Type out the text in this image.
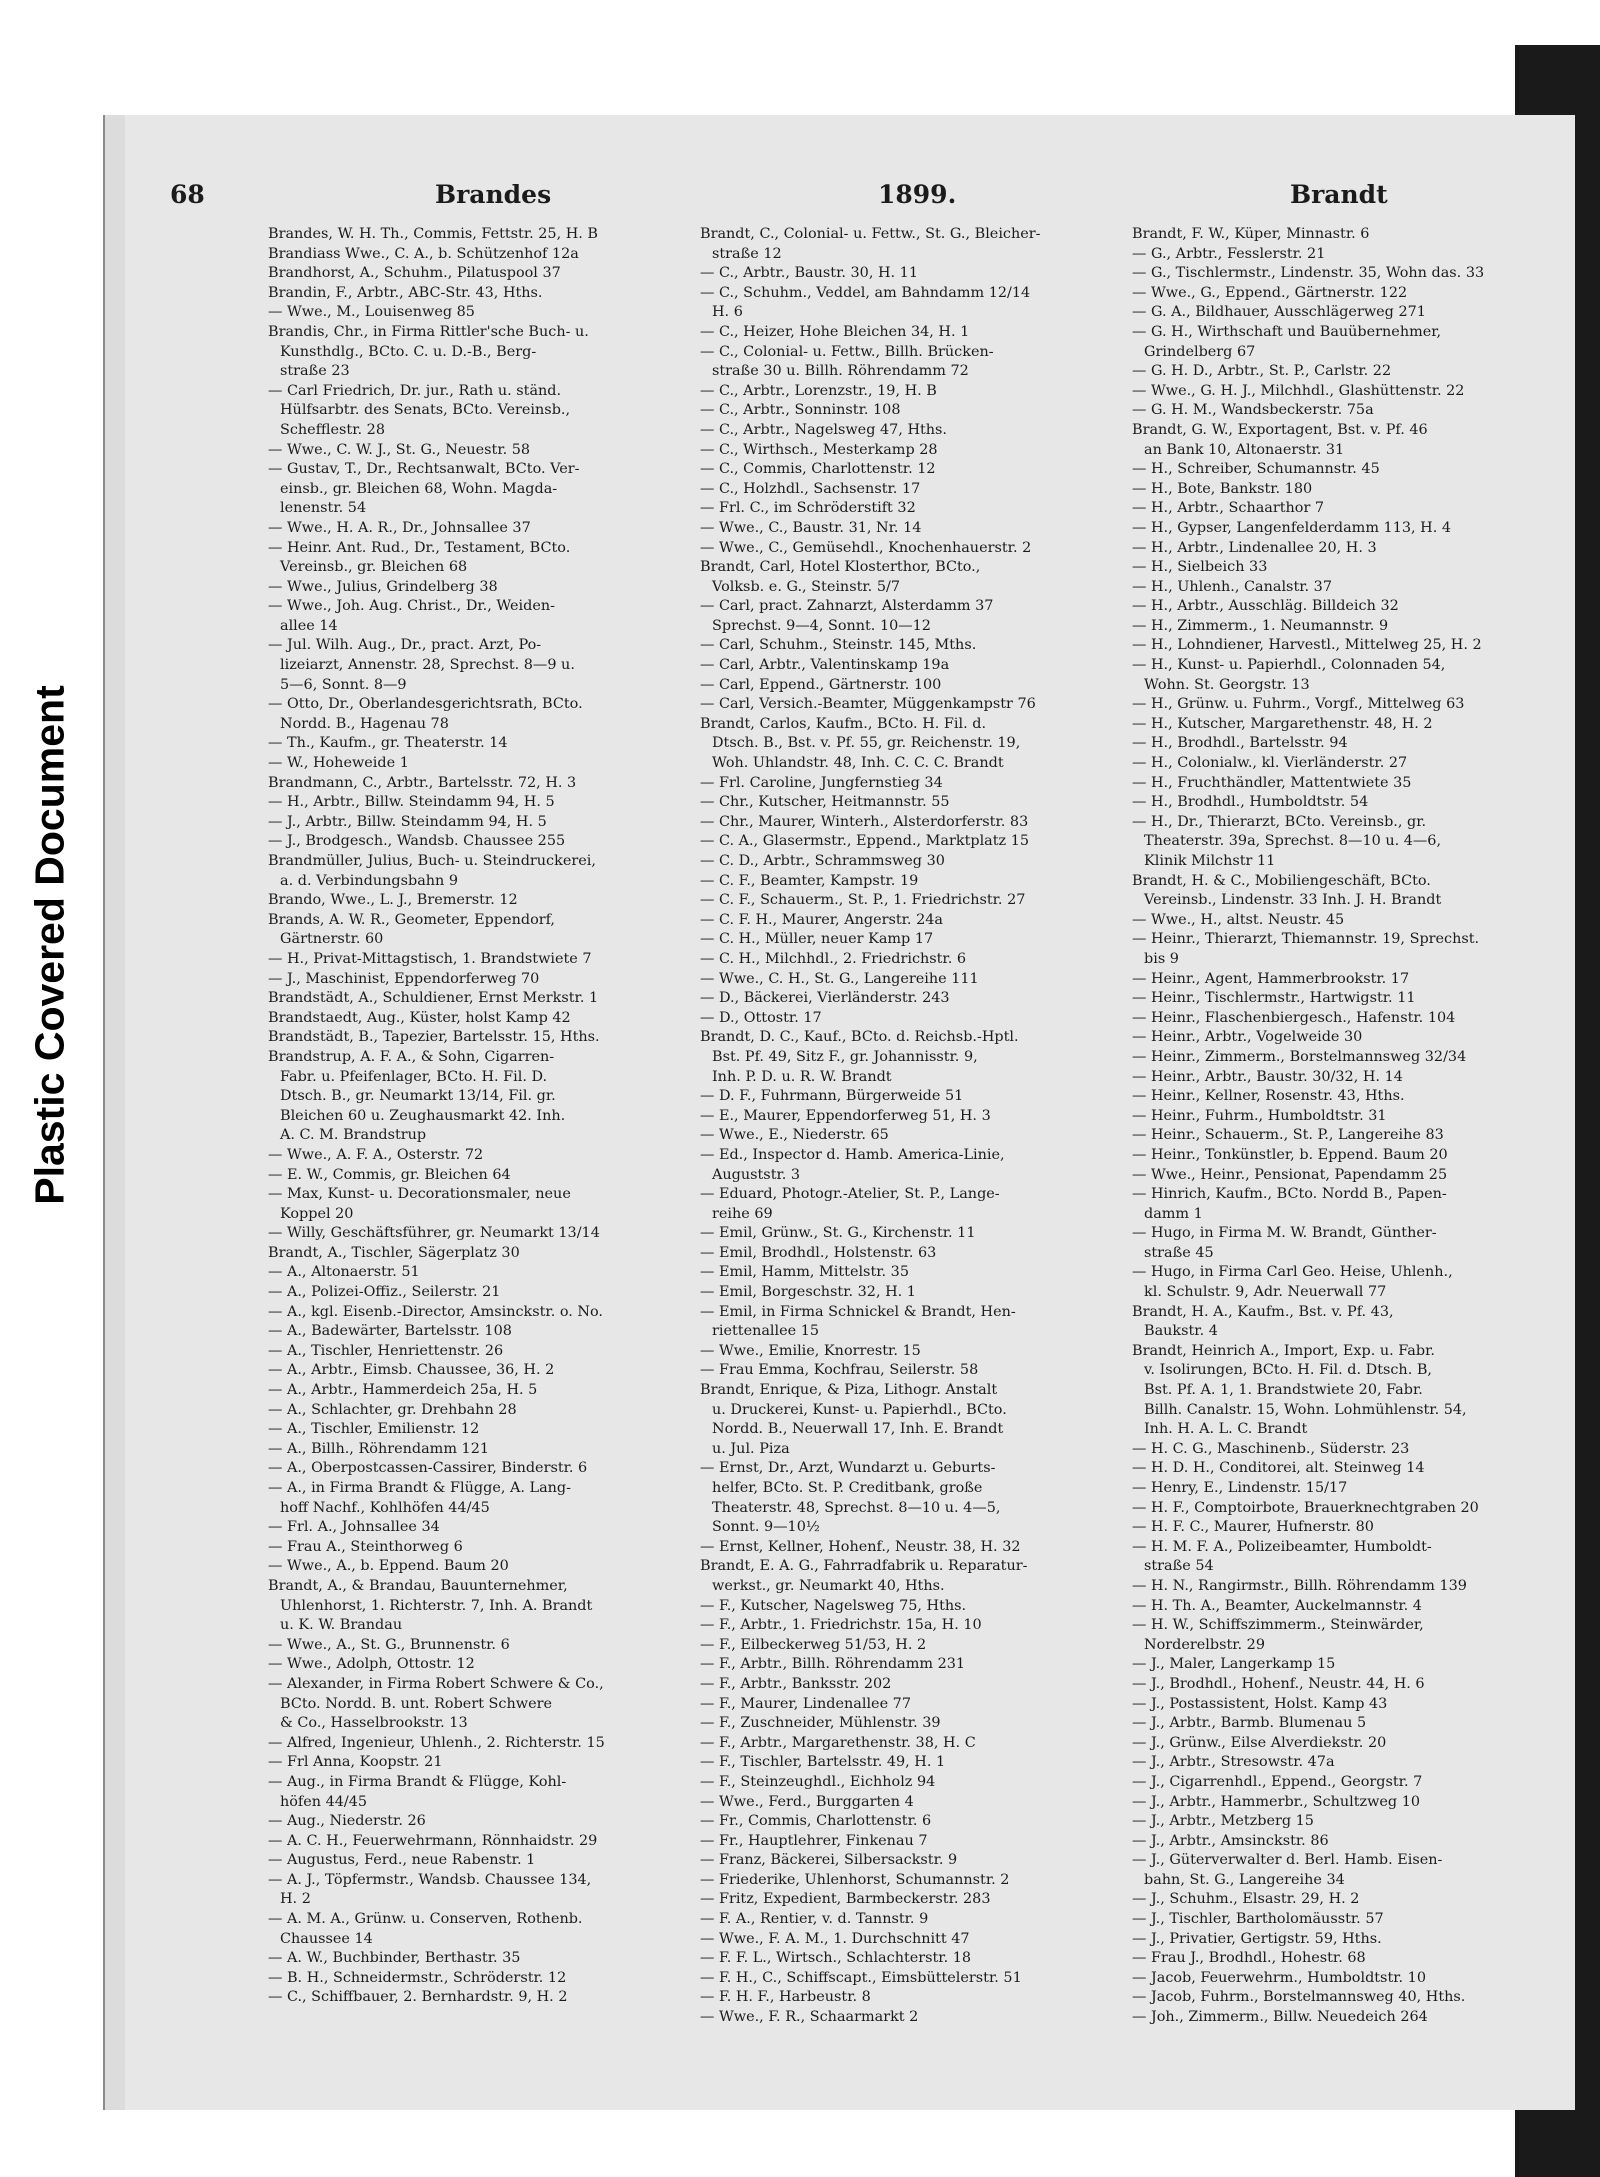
Plastic Covered Document
68	Brandes	1899.	Brandt
Brandes, W. H. Th., Commis, Fettstr. 25, H. B
Brandiass Wwe., C. A., b. Schützenhof 12a
Brandhorst, A., Schuhm., Pilatuspool 37
Brandin, F., Arbtr., ABC-Str. 43, Hths.
— Wwe., M., Louisenweg 85
Brandis, Chr., in Firma Rittler'sche Buch- u.
Kunsthdlg., BCto. C. u. D.-B., Berg-
straße 23
— Carl Friedrich, Dr. jur., Rath u. ständ.
Hülfsarbtr. des Senats, BCto. Vereinsb.,
Schefflestr. 28
— Wwe., C. W. J., St. G., Neuestr. 58
— Gustav, T., Dr., Rechtsanwalt, BCto. Ver-
einsb., gr. Bleichen 68, Wohn. Magda-
lenenstr. 54
— Wwe., H. A. R., Dr., Johnsallee 37
— Heinr. Ant. Rud., Dr., Testament, BCto.
Vereinsb., gr. Bleichen 68
— Wwe., Julius, Grindelberg 38
— Wwe., Joh. Aug. Christ., Dr., Weiden-
allee 14
— Jul. Wilh. Aug., Dr., pract. Arzt, Po-
lizeiarzt, Annenstr. 28, Sprechst. 8—9 u.
5—6, Sonnt. 8—9
— Otto, Dr., Oberlandesgerichtsrath, BCto.
Nordd. B., Hagenau 78
— Th., Kaufm., gr. Theaterstr. 14
— W., Hoheweide 1
Brandmann, C., Arbtr., Bartelsstr. 72, H. 3
— H., Arbtr., Billw. Steindamm 94, H. 5
— J., Arbtr., Billw. Steindamm 94, H. 5
— J., Brodgesch., Wandsb. Chaussee 255
Brandmüller, Julius, Buch- u. Steindruckerei,
a. d. Verbindungsbahn 9
Brando, Wwe., L. J., Bremerstr. 12
Brands, A. W. R., Geometer, Eppendorf,
Gärtnerstr. 60
— H., Privat-Mittagstisch, 1. Brandstwiete 7
— J., Maschinist, Eppendorferweg 70
Brandstädt, A., Schuldiener, Ernst Merkstr. 1
Brandstaedt, Aug., Küster, holst Kamp 42
Brandstädt, B., Tapezier, Bartelsstr. 15, Hths.
Brandstrup, A. F. A., & Sohn, Cigarren-
Fabr. u. Pfeifenlager, BCto. H. Fil. D.
Dtsch. B., gr. Neumarkt 13/14, Fil. gr.
Bleichen 60 u. Zeughausmarkt 42. Inh.
A. C. M. Brandstrup
— Wwe., A. F. A., Osterstr. 72
— E. W., Commis, gr. Bleichen 64
— Max, Kunst- u. Decorationsmaler, neue
Koppel 20
— Willy, Geschäftsführer, gr. Neumarkt 13/14
Brandt, A., Tischler, Sägerplatz 30
— A., Altonaerstr. 51
— A., Polizei-Offiz., Seilerstr. 21
— A., kgl. Eisenb.-Director, Amsinckstr. o. No.
— A., Badewärter, Bartelsstr. 108
— A., Tischler, Henriettenstr. 26
— A., Arbtr., Eimsb. Chaussee, 36, H. 2
— A., Arbtr., Hammerdeich 25a, H. 5
— A., Schlachter, gr. Drehbahn 28
— A., Tischler, Emilienstr. 12
— A., Billh., Röhrendamm 121
— A., Oberpostcassen-Cassirer, Binderstr. 6
— A., in Firma Brandt & Flügge, A. Lang-
hoff Nachf., Kohlhöfen 44/45
— Frl. A., Johnsallee 34
— Frau A., Steinthorweg 6
— Wwe., A., b. Eppend. Baum 20
Brandt, A., & Brandau, Bauunternehmer,
Uhlenhorst, 1. Richterstr. 7, Inh. A. Brandt
u. K. W. Brandau
— Wwe., A., St. G., Brunnenstr. 6
— Wwe., Adolph, Ottostr. 12
— Alexander, in Firma Robert Schwere & Co.,
BCto. Nordd. B. unt. Robert Schwere
& Co., Hasselbrookstr. 13
— Alfred, Ingenieur, Uhlenh., 2. Richterstr. 15
— Frl Anna, Koopstr. 21
— Aug., in Firma Brandt & Flügge, Kohl-
höfen 44/45
— Aug., Niederstr. 26
— A. C. H., Feuerwehrmann, Rönnhaidstr. 29
— Augustus, Ferd., neue Rabenstr. 1
— A. J., Töpfermstr., Wandsb. Chaussee 134,
H. 2
— A. M. A., Grünw. u. Conserven, Rothenb.
Chaussee 14
— A. W., Buchbinder, Berthastr. 35
— B. H., Schneidermstr., Schröderstr. 12
— C., Schiffbauer, 2. Bernhardstr. 9, H. 2
Brandt, C., Colonial- u. Fettw., St. G., Bleicher-
straße 12
— C., Arbtr., Baustr. 30, H. 11
— C., Schuhm., Veddel, am Bahndamm 12/14
H. 6
— C., Heizer, Hohe Bleichen 34, H. 1
— C., Colonial- u. Fettw., Billh. Brücken-
straße 30 u. Billh. Röhrendamm 72
— C., Arbtr., Lorenzstr., 19, H. B
— C., Arbtr., Sonninstr. 108
— C., Arbtr., Nagelsweg 47, Hths.
— C., Wirthsch., Mesterkamp 28
— C., Commis, Charlottenstr. 12
— C., Holzhdl., Sachsenstr. 17
— Frl. C., im Schröderstift 32
— Wwe., C., Baustr. 31, Nr. 14
— Wwe., C., Gemüsehdl., Knochenhauerstr. 2
Brandt, Carl, Hotel Klosterthor, BCto.,
Volksb. e. G., Steinstr. 5/7
— Carl, pract. Zahnarzt, Alsterdamm 37
Sprechst. 9—4, Sonnt. 10—12
— Carl, Schuhm., Steinstr. 145, Mths.
— Carl, Arbtr., Valentinskamp 19a
— Carl, Eppend., Gärtnerstr. 100
— Carl, Versich.-Beamter, Müggenkampstr 76
Brandt, Carlos, Kaufm., BCto. H. Fil. d.
Dtsch. B., Bst. v. Pf. 55, gr. Reichenstr. 19,
Woh. Uhlandstr. 48, Inh. C. C. C. Brandt
— Frl. Caroline, Jungfernstieg 34
— Chr., Kutscher, Heitmannstr. 55
— Chr., Maurer, Winterh., Alsterdorferstr. 83
— C. A., Glasermstr., Eppend., Marktplatz 15
— C. D., Arbtr., Schrammsweg 30
— C. F., Beamter, Kampstr. 19
— C. F., Schauerm., St. P., 1. Friedrichstr. 27
— C. F. H., Maurer, Angerstr. 24a
— C. H., Müller, neuer Kamp 17
— C. H., Milchhdl., 2. Friedrichstr. 6
— Wwe., C. H., St. G., Langereihe 111
— D., Bäckerei, Vierländerstr. 243
— D., Ottostr. 17
Brandt, D. C., Kauf., BCto. d. Reichsb.-Hptl.
Bst. Pf. 49, Sitz F., gr. Johannisstr. 9,
Inh. P. D. u. R. W. Brandt
— D. F., Fuhrmann, Bürgerweide 51
— E., Maurer, Eppendorferweg 51, H. 3
— Wwe., E., Niederstr. 65
— Ed., Inspector d. Hamb. America-Linie,
Auguststr. 3
— Eduard, Photogr.-Atelier, St. P., Lange-
reihe 69
— Emil, Grünw., St. G., Kirchenstr. 11
— Emil, Brodhdl., Holstenstr. 63
— Emil, Hamm, Mittelstr. 35
— Emil, Borgeschstr. 32, H. 1
— Emil, in Firma Schnickel & Brandt, Hen-
riettenallee 15
— Wwe., Emilie, Knorrestr. 15
— Frau Emma, Kochfrau, Seilerstr. 58
Brandt, Enrique, & Piza, Lithogr. Anstalt
u. Druckerei, Kunst- u. Papierhdl., BCto.
Nordd. B., Neuerwall 17, Inh. E. Brandt
u. Jul. Piza
— Ernst, Dr., Arzt, Wundarzt u. Geburts-
helfer, BCto. St. P. Creditbank, große
Theaterstr. 48, Sprechst. 8—10 u. 4—5,
Sonnt. 9—10½
— Ernst, Kellner, Hohenf., Neustr. 38, H. 32
Brandt, E. A. G., Fahrradfabrik u. Reparatur-
werkst., gr. Neumarkt 40, Hths.
— F., Kutscher, Nagelsweg 75, Hths.
— F., Arbtr., 1. Friedrichstr. 15a, H. 10
— F., Eilbeckerweg 51/53, H. 2
— F., Arbtr., Billh. Röhrendamm 231
— F., Arbtr., Banksstr. 202
— F., Maurer, Lindenallee 77
— F., Zuschneider, Mühlenstr. 39
— F., Arbtr., Margarethenstr. 38, H. C
— F., Tischler, Bartelsstr. 49, H. 1
— F., Steinzeughdl., Eichholz 94
— Wwe., Ferd., Burggarten 4
— Fr., Commis, Charlottenstr. 6
— Fr., Hauptlehrer, Finkenau 7
— Franz, Bäckerei, Silbersackstr. 9
— Friederike, Uhlenhorst, Schumannstr. 2
— Fritz, Expedient, Barmbeckerstr. 283
— F. A., Rentier, v. d. Tannstr. 9
— Wwe., F. A. M., 1. Durchschnitt 47
— F. F. L., Wirtsch., Schlachterstr. 18
— F. H., C., Schiffscapt., Eimsbüttelerstr. 51
— F. H. F., Harbeustr. 8
— Wwe., F. R., Schaarmarkt 2
Brandt, F. W., Küper, Minnastr. 6
— G., Arbtr., Fesslerstr. 21
— G., Tischlermstr., Lindenstr. 35, Wohn das. 33
— Wwe., G., Eppend., Gärtnerstr. 122
— G. A., Bildhauer, Ausschlägerweg 271
— G. H., Wirthschaft und Bauübernehmer,
Grindelberg 67
— G. H. D., Arbtr., St. P., Carlstr. 22
— Wwe., G. H. J., Milchhdl., Glashüttenstr. 22
— G. H. M., Wandsbeckerstr. 75a
Brandt, G. W., Exportagent, Bst. v. Pf. 46
an Bank 10, Altonaerstr. 31
— H., Schreiber, Schumannstr. 45
— H., Bote, Bankstr. 180
— H., Arbtr., Schaarthor 7
— H., Gypser, Langenfelderdamm 113, H. 4
— H., Arbtr., Lindenallee 20, H. 3
— H., Sielbeich 33
— H., Uhlenh., Canalstr. 37
— H., Arbtr., Ausschläg. Billdeich 32
— H., Zimmerm., 1. Neumannstr. 9
— H., Lohndiener, Harvestl., Mittelweg 25, H. 2
— H., Kunst- u. Papierhdl., Colonnaden 54,
Wohn. St. Georgstr. 13
— H., Grünw. u. Fuhrm., Vorgf., Mittelweg 63
— H., Kutscher, Margarethenstr. 48, H. 2
— H., Brodhdl., Bartelsstr. 94
— H., Colonialw., kl. Vierländerstr. 27
— H., Fruchthändler, Mattentwiete 35
— H., Brodhdl., Humboldtstr. 54
— H., Dr., Thierarzt, BCto. Vereinsb., gr.
Theaterstr. 39a, Sprechst. 8—10 u. 4—6,
Klinik Milchstr 11
Brandt, H. & C., Mobiliengeschäft, BCto.
Vereinsb., Lindenstr. 33 Inh. J. H. Brandt
— Wwe., H., altst. Neustr. 45
— Heinr., Thierarzt, Thiemannstr. 19, Sprechst.
bis 9
— Heinr., Agent, Hammerbrookstr. 17
— Heinr., Tischlermstr., Hartwigstr. 11
— Heinr., Flaschenbiergesch., Hafenstr. 104
— Heinr., Arbtr., Vogelweide 30
— Heinr., Zimmerm., Borstelmannsweg 32/34
— Heinr., Arbtr., Baustr. 30/32, H. 14
— Heinr., Kellner, Rosenstr. 43, Hths.
— Heinr., Fuhrm., Humboldtstr. 31
— Heinr., Schauerm., St. P., Langereihe 83
— Heinr., Tonkünstler, b. Eppend. Baum 20
— Wwe., Heinr., Pensionat, Papendamm 25
— Hinrich, Kaufm., BCto. Nordd B., Papen-
damm 1
— Hugo, in Firma M. W. Brandt, Günther-
straße 45
— Hugo, in Firma Carl Geo. Heise, Uhlenh.,
kl. Schulstr. 9, Adr. Neuerwall 77
Brandt, H. A., Kaufm., Bst. v. Pf. 43,
Baukstr. 4
Brandt, Heinrich A., Import, Exp. u. Fabr.
v. Isolirungen, BCto. H. Fil. d. Dtsch. B,
Bst. Pf. A. 1, 1. Brandstwiete 20, Fabr.
Billh. Canalstr. 15, Wohn. Lohmühlenstr. 54,
Inh. H. A. L. C. Brandt
— H. C. G., Maschinenb., Süderstr. 23
— H. D. H., Conditorei, alt. Steinweg 14
— Henry, E., Lindenstr. 15/17
— H. F., Comptoirbote, Brauerknechtgraben 20
— H. F. C., Maurer, Hufnerstr. 80
— H. M. F. A., Polizeibeamter, Humboldt-
straße 54
— H. N., Rangirmstr., Billh. Röhrendamm 139
— H. Th. A., Beamter, Auckelmannstr. 4
— H. W., Schiffszimmerm., Steinwärder,
Norderelbstr. 29
— J., Maler, Langerkamp 15
— J., Brodhdl., Hohenf., Neustr. 44, H. 6
— J., Postassistent, Holst. Kamp 43
— J., Arbtr., Barmb. Blumenau 5
— J., Grünw., Eilse Alverdiekstr. 20
— J., Arbtr., Stresowstr. 47a
— J., Cigarrenhdl., Eppend., Georgstr. 7
— J., Arbtr., Hammerbr., Schultzweg 10
— J., Arbtr., Metzberg 15
— J., Arbtr., Amsinckstr. 86
— J., Güterverwalter d. Berl. Hamb. Eisen-
bahn, St. G., Langereihe 34
— J., Schuhm., Elsastr. 29, H. 2
— J., Tischler, Bartholomäusstr. 57
— J., Privatier, Gertigstr. 59, Hths.
— Frau J., Brodhdl., Hohestr. 68
— Jacob, Feuerwehrm., Humboldtstr. 10
— Jacob, Fuhrm., Borstelmannsweg 40, Hths.
— Joh., Zimmerm., Billw. Neuedeich 264
